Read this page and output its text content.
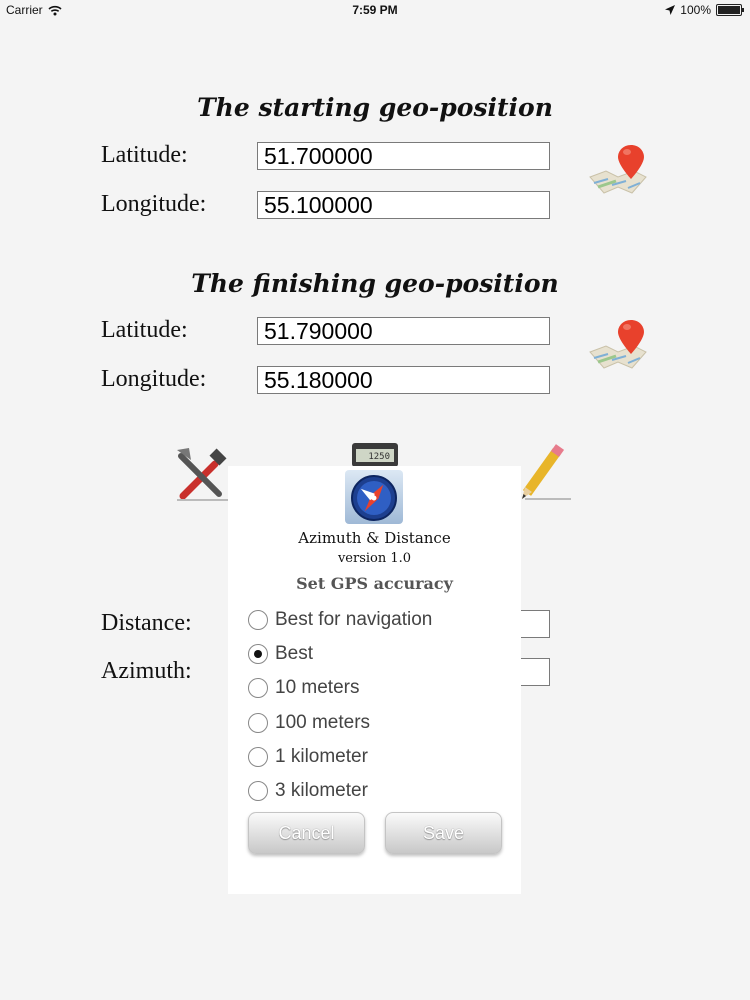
Carrier	7:59 PM	100%
The starting geo-position
Latitude:	51.700000
Longitude:	55.100000
The finishing geo-position
Latitude:	51.790000
Longitude:	55.180000
1250
Distance:
Azimuth:
Azimuth & Distance
version 1.0
Set GPS accuracy
Best for navigation
Best
10 meters
100 meters
1 kilometer
3 kilometer
Cancel	Save
